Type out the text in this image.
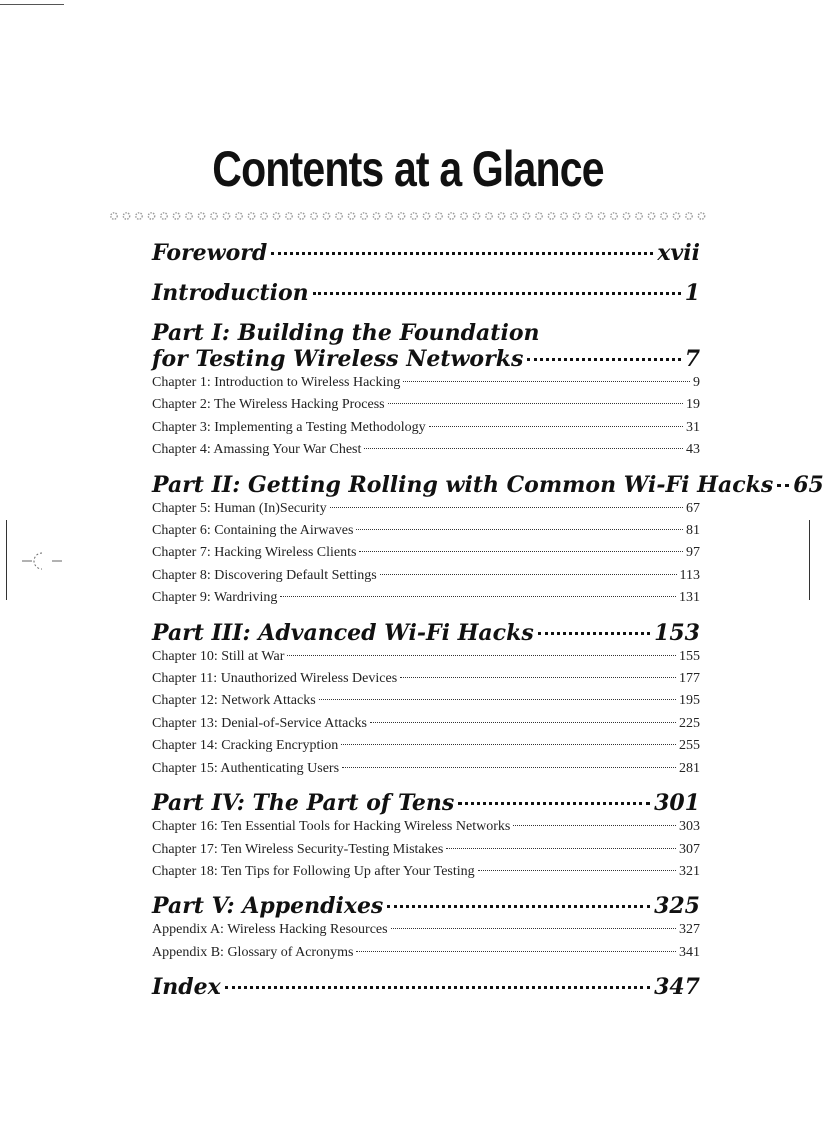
Contents at a Glance
Foreword	xvii
Introduction	1
Part I: Building the Foundation
for Testing Wireless Networks	7
Chapter 1: Introduction to Wireless Hacking	9
Chapter 2: The Wireless Hacking Process	19
Chapter 3: Implementing a Testing Methodology	31
Chapter 4: Amassing Your War Chest	43
Part II: Getting Rolling with Common Wi-Fi Hacks 65
Chapter 5: Human (In)Security	67
Chapter 6: Containing the Airwaves	81
Chapter 7: Hacking Wireless Clients	97
Chapter 8: Discovering Default Settings	113
Chapter 9: Wardriving	131
Part III: Advanced Wi-Fi Hacks	153
Chapter 10: Still at War	155
Chapter 11: Unauthorized Wireless Devices	177
Chapter 12: Network Attacks	195
Chapter 13: Denial-of-Service Attacks	225
Chapter 14: Cracking Encryption	255
Chapter 15: Authenticating Users	281
Part IV: The Part of Tens	301
Chapter 16: Ten Essential Tools for Hacking Wireless Networks	303
Chapter 17: Ten Wireless Security-Testing Mistakes	307
Chapter 18: Ten Tips for Following Up after Your Testing	321
Part V: Appendixes	325
Appendix A: Wireless Hacking Resources	327
Appendix B: Glossary of Acronyms	341
Index	347
